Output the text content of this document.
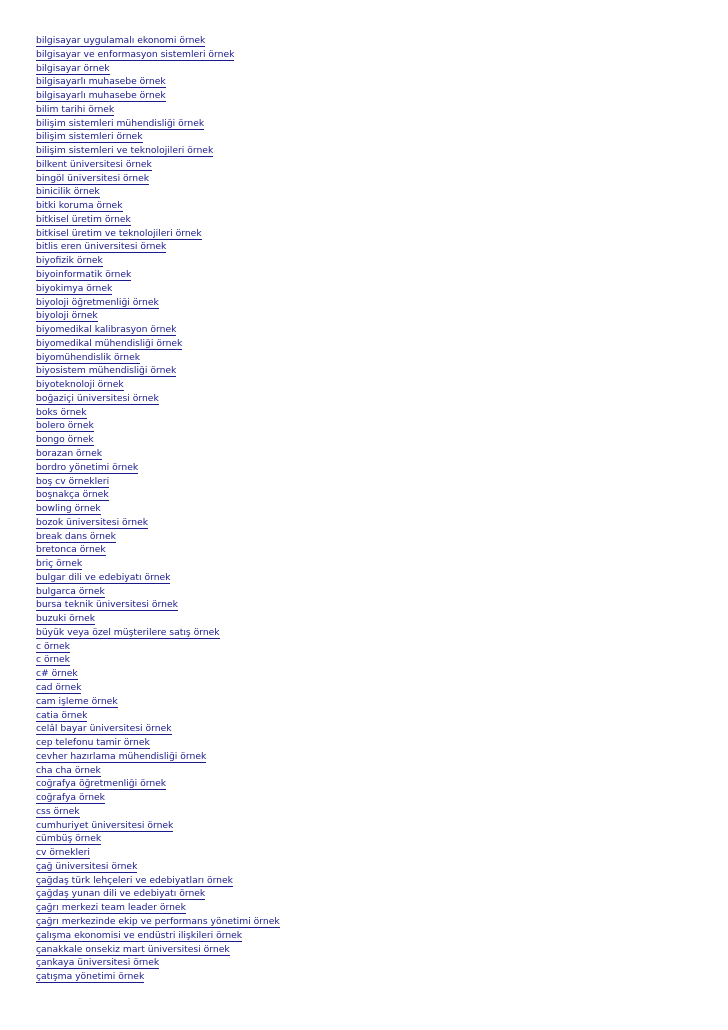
bilgisayar uygulamalı ekonomi örnek
bilgisayar ve enformasyon sistemleri örnek
bilgisayar örnek
bilgisayarlı muhasebe örnek
bilgisayarlı muhasebe örnek
bilim tarihi örnek
bilişim sistemleri mühendisliği örnek
bilişim sistemleri örnek
bilişim sistemleri ve teknolojileri örnek
bilkent üniversitesi örnek
bingöl üniversitesi örnek
binicilik örnek
bitki koruma örnek
bitkisel üretim örnek
bitkisel üretim ve teknolojileri örnek
bitlis eren üniversitesi örnek
biyofizik örnek
biyoinformatik örnek
biyokimya örnek
biyoloji öğretmenliği örnek
biyoloji örnek
biyomedikal kalibrasyon örnek
biyomedikal mühendisliği örnek
biyomühendislik örnek
biyosistem mühendisliği örnek
biyoteknoloji örnek
boğaziçi üniversitesi örnek
boks örnek
bolero örnek
bongo örnek
borazan örnek
bordro yönetimi örnek
boş cv örnekleri
boşnakça örnek
bowling örnek
bozok üniversitesi örnek
break dans örnek
bretonca örnek
briç örnek
bulgar dili ve edebiyatı örnek
bulgarca örnek
bursa teknik üniversitesi örnek
buzuki örnek
büyük veya özel müşterilere satış örnek
c örnek
c örnek
c# örnek
cad örnek
cam işleme örnek
catia örnek
celâl bayar üniversitesi örnek
cep telefonu tamir örnek
cevher hazırlama mühendisliği örnek
cha cha örnek
coğrafya öğretmenliği örnek
coğrafya örnek
css örnek
cumhuriyet üniversitesi örnek
cümbüş örnek
cv örnekleri
çağ üniversitesi örnek
çağdaş türk lehçeleri ve edebiyatları örnek
çağdaş yunan dili ve edebiyatı örnek
çağrı merkezi team leader örnek
çağrı merkezinde ekip ve performans yönetimi örnek
çalışma ekonomisi ve endüstri ilişkileri örnek
çanakkale onsekiz mart üniversitesi örnek
çankaya üniversitesi örnek
çatışma yönetimi örnek
